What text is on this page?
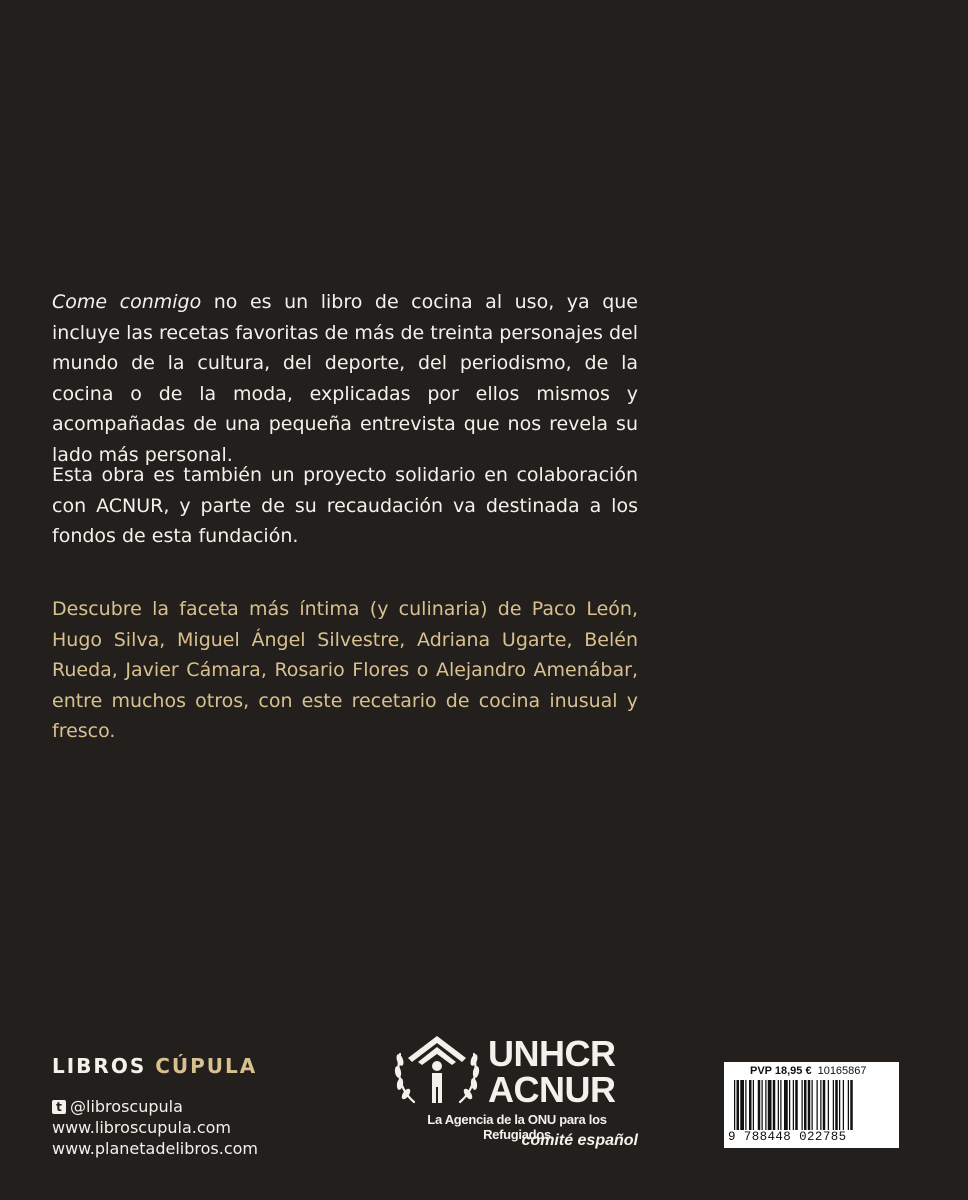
Come conmigo no es un libro de cocina al uso, ya que incluye las recetas favoritas de más de treinta personajes del mundo de la cultura, del deporte, del periodismo, de la cocina o de la moda, explicadas por ellos mismos y acompañadas de una pequeña entrevista que nos revela su lado más personal.

Esta obra es también un proyecto solidario en colaboración con ACNUR, y parte de su recaudación va destinada a los fondos de esta fundación.

Descubre la faceta más íntima (y culinaria) de Paco León, Hugo Silva, Miguel Ángel Silvestre, Adriana Ugarte, Belén Rueda, Javier Cámara, Rosario Flores o Alejandro Amenábar, entre muchos otros, con este recetario de cocina inusual y fresco.

LIBROS CÚPULA
t @libroscupula
www.libroscupula.com
www.planetadelibros.com
UNHCR
ACNUR
La Agencia de la ONU para los Refugiados
comité español
PVP 18,95 € 10165867
9 788448 022785
